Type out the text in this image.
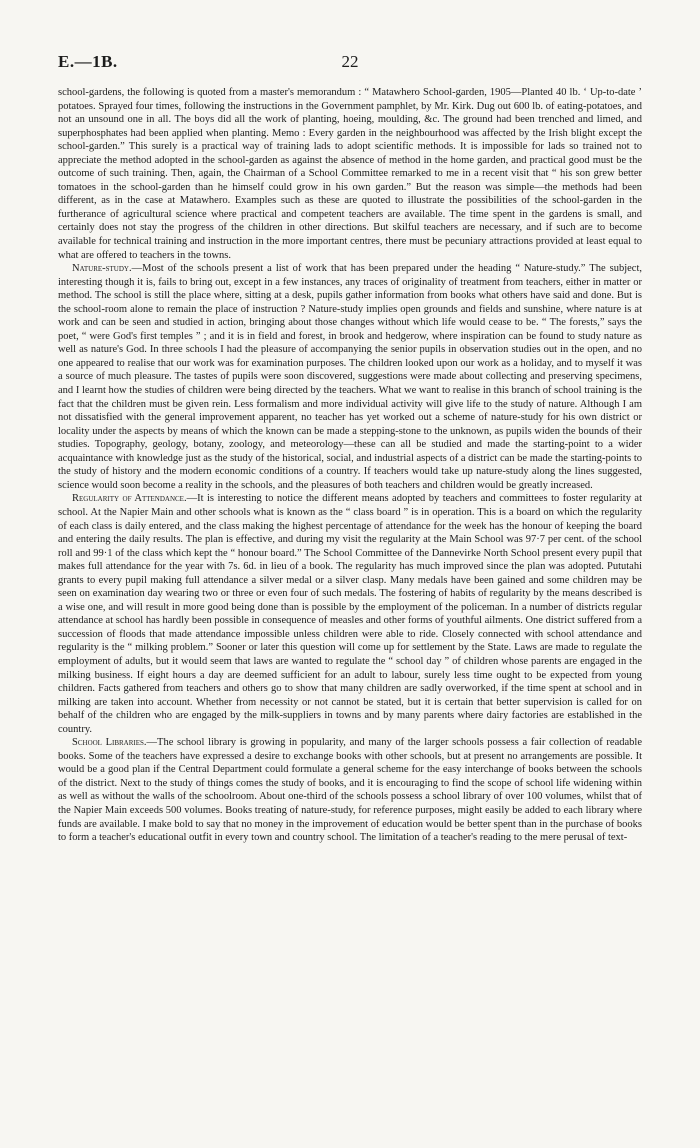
E.—1B.	22

school-gardens, the following is quoted from a master's memorandum : “ Matawhero School-garden, 1905—Planted 40 lb. ‘ Up-to-date ’ potatoes. Sprayed four times, following the instructions in the Government pamphlet, by Mr. Kirk. Dug out 600 lb. of eating-potatoes, and not an unsound one in all. The boys did all the work of planting, hoeing, moulding, &c. The ground had been trenched and limed, and superphosphates had been applied when planting. Memo : Every garden in the neighbourhood was affected by the Irish blight except the school-garden.” This surely is a practical way of training lads to adopt scientific methods. It is impossible for lads so trained not to appreciate the method adopted in the school-garden as against the absence of method in the home garden, and practical good must be the outcome of such training. Then, again, the Chairman of a School Committee remarked to me in a recent visit that “ his son grew better tomatoes in the school-garden than he himself could grow in his own garden.” But the reason was simple—the methods had been different, as in the case at Matawhero. Examples such as these are quoted to illustrate the possibilities of the school-garden in the furtherance of agricultural science where practical and competent teachers are available. The time spent in the gardens is small, and certainly does not stay the progress of the children in other directions. But skilful teachers are necessary, and if such are to become available for technical training and instruction in the more important centres, there must be pecuniary attractions provided at least equal to what are offered to teachers in the towns.

Nature-study.—Most of the schools present a list of work that has been prepared under the heading “ Nature-study.” The subject, interesting though it is, fails to bring out, except in a few instances, any traces of originality of treatment from teachers, either in matter or method. The school is still the place where, sitting at a desk, pupils gather information from books what others have said and done. But is the school-room alone to remain the place of instruction ? Nature-study implies open grounds and fields and sunshine, where nature is at work and can be seen and studied in action, bringing about those changes without which life would cease to be. “ The forests,” says the poet, “ were God's first temples ” ; and it is in field and forest, in brook and hedgerow, where inspiration can be found to study nature as well as nature's God. In three schools I had the pleasure of accompanying the senior pupils in observation studies out in the open, and no one appeared to realise that our work was for examination purposes. The children looked upon our work as a holiday, and to myself it was a source of much pleasure. The tastes of pupils were soon discovered, suggestions were made about collecting and preserving specimens, and I learnt how the studies of children were being directed by the teachers. What we want to realise in this branch of school training is the fact that the children must be given rein. Less formalism and more individual activity will give life to the study of nature. Although I am not dissatisfied with the general improvement apparent, no teacher has yet worked out a scheme of nature-study for his own district or locality under the aspects by means of which the known can be made a stepping-stone to the unknown, as pupils widen the bounds of their studies. Topography, geology, botany, zoology, and meteorology—these can all be studied and made the starting-point to a wider acquaintance with knowledge just as the study of the historical, social, and industrial aspects of a district can be made the starting-points to the study of history and the modern economic conditions of a country. If teachers would take up nature-study along the lines suggested, science would soon become a reality in the schools, and the pleasures of both teachers and children would be greatly increased.

Regularity of Attendance.—It is interesting to notice the different means adopted by teachers and committees to foster regularity at school. At the Napier Main and other schools what is known as the “ class board ” is in operation. This is a board on which the regularity of each class is daily entered, and the class making the highest percentage of attendance for the week has the honour of keeping the board and entering the daily results. The plan is effective, and during my visit the regularity at the Main School was 97·7 per cent. of the school roll and 99·1 of the class which kept the “ honour board.” The School Committee of the Dannevirke North School present every pupil that makes full attendance for the year with 7s. 6d. in lieu of a book. The regularity has much improved since the plan was adopted. Pututahi grants to every pupil making full attendance a silver medal or a silver clasp. Many medals have been gained and some children may be seen on examination day wearing two or three or even four of such medals. The fostering of habits of regularity by the means described is a wise one, and will result in more good being done than is possible by the employment of the policeman. In a number of districts regular attendance at school has hardly been possible in consequence of measles and other forms of youthful ailments. One district suffered from a succession of floods that made attendance impossible unless children were able to ride. Closely connected with school attendance and regularity is the “ milking problem.” Sooner or later this question will come up for settlement by the State. Laws are made to regulate the employment of adults, but it would seem that laws are wanted to regulate the “ school day ” of children whose parents are engaged in the milking business. If eight hours a day are deemed sufficient for an adult to labour, surely less time ought to be expected from young children. Facts gathered from teachers and others go to show that many children are sadly overworked, if the time spent at school and in milking are taken into account. Whether from necessity or not cannot be stated, but it is certain that better supervision is called for on behalf of the children who are engaged by the milk-suppliers in towns and by many parents where dairy factories are established in the country.

School Libraries.—The school library is growing in popularity, and many of the larger schools possess a fair collection of readable books. Some of the teachers have expressed a desire to exchange books with other schools, but at present no arrangements are possible. It would be a good plan if the Central Department could formulate a general scheme for the easy interchange of books between the schools of the district. Next to the study of things comes the study of books, and it is encouraging to find the scope of school life widening within as well as without the walls of the schoolroom. About one-third of the schools possess a school library of over 100 volumes, whilst that of the Napier Main exceeds 500 volumes. Books treating of nature-study, for reference purposes, might easily be added to each library where funds are available. I make bold to say that no money in the improvement of education would be better spent than in the purchase of books to form a teacher's educational outfit in every town and country school. The limitation of a teacher's reading to the mere perusal of text-
